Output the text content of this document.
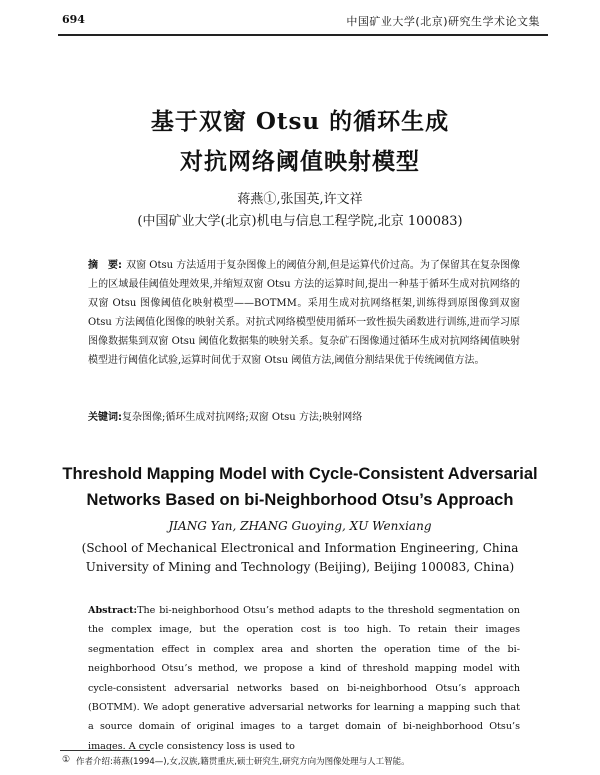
694	中国矿业大学(北京)研究生学术论文集
基于双窗 Otsu 的循环生成
对抗网络阈值映射模型
蒋燕①,张国英,许文祥
(中国矿业大学(北京)机电与信息工程学院,北京 100083)
摘　要: 双窗 Otsu 方法适用于复杂图像上的阈值分割,但是运算代价过高。为了保留其在复杂图像上的区域最佳阈值处理效果,并缩短双窗 Otsu 方法的运算时间,提出一种基于循环生成对抗网络的双窗 Otsu 图像阈值化映射模型——BOTMM。采用生成对抗网络框架,训练得到原图像到双窗 Otsu 方法阈值化图像的映射关系。对抗式网络模型使用循环一致性损失函数进行训练,进而学习原图像数据集到双窗 Otsu 阈值化数据集的映射关系。复杂矿石图像通过循环生成对抗网络阈值映射模型进行阈值化试验,运算时间优于双窗 Otsu 阈值方法,阈值分割结果优于传统阈值方法。
关键词:复杂图像;循环生成对抗网络;双窗 Otsu 方法;映射网络
Threshold Mapping Model with Cycle-Consistent Adversarial
Networks Based on bi-Neighborhood Otsu’s Approach
JIANG Yan, ZHANG Guoying, XU Wenxiang
(School of Mechanical Electronical and Information Engineering, China
University of Mining and Technology (Beijing), Beijing 100083, China)
Abstract:The bi-neighborhood Otsu’s method adapts to the threshold segmentation on the complex image, but the operation cost is too high. To retain their images segmentation effect in complex area and shorten the operation time of the bi-neighborhood Otsu’s method, we propose a kind of threshold mapping model with cycle-consistent adversarial networks based on bi-neighborhood Otsu’s approach (BOTMM). We adopt generative adversarial networks for learning a mapping such that a source domain of original images to a target domain of bi-neighborhood Otsu’s images. A cycle consistency loss is used to
① 作者介绍:蒋燕(1994—),女,汉族,籍贯重庆,硕士研究生,研究方向为图像处理与人工智能。
